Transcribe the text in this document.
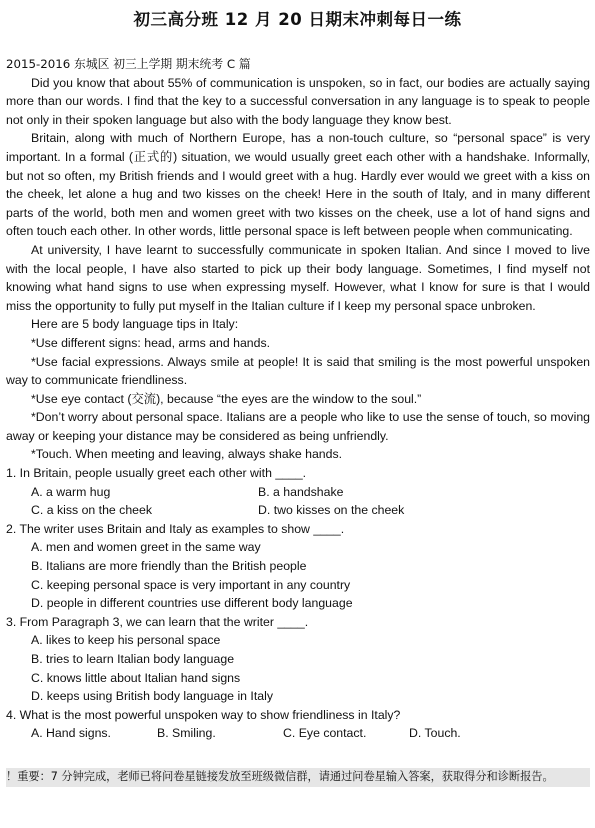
初三高分班 12 月 20 日期末冲刺每日一练
2015-2016 东城区 初三上学期 期末统考 C 篇

Did you know that about 55% of communication is unspoken, so in fact, our bodies are actually saying more than our words. I find that the key to a successful conversation in any language is to speak to people not only in their spoken language but also with the body language they know best.

Britain, along with much of Northern Europe, has a non-touch culture, so “personal space” is very important. In a formal (正式的) situation, we would usually greet each other with a handshake. Informally, but not so often, my British friends and I would greet with a hug. Hardly ever would we greet with a kiss on the cheek, let alone a hug and two kisses on the cheek! Here in the south of Italy, and in many different parts of the world, both men and women greet with two kisses on the cheek, use a lot of hand signs and often touch each other. In other words, little personal space is left between people when communicating.

At university, I have learnt to successfully communicate in spoken Italian. And since I moved to live with the local people, I have also started to pick up their body language. Sometimes, I find myself not knowing what hand signs to use when expressing myself. However, what I know for sure is that I would miss the opportunity to fully put myself in the Italian culture if I keep my personal space unbroken.

Here are 5 body language tips in Italy:

*Use different signs: head, arms and hands.

*Use facial expressions. Always smile at people! It is said that smiling is the most powerful unspoken way to communicate friendliness.

*Use eye contact (交流), because “the eyes are the window to the soul.”

*Don’t worry about personal space. Italians are a people who like to use the sense of touch, so moving away or keeping your distance may be considered as being unfriendly.

*Touch. When meeting and leaving, always shake hands.

1. In Britain, people usually greet each other with ____.
A. a warm hug	B. a handshake
C. a kiss on the cheek	D. two kisses on the cheek
2. The writer uses Britain and Italy as examples to show ____.
A. men and women greet in the same way
B. Italians are more friendly than the British people
C. keeping personal space is very important in any country
D. people in different countries use different body language
3. From Paragraph 3, we can learn that the writer ____.
A. likes to keep his personal space
B. tries to learn Italian body language
C. knows little about Italian hand signs
D. keeps using British body language in Italy
4. What is the most powerful unspoken way to show friendliness in Italy?
A. Hand signs.	B. Smiling.	C. Eye contact.	D. Touch.
！重要：7 分钟完成，老师已将问卷星链接发放至班级微信群，请通过问卷星输入答案，获取得分和诊断报告。
